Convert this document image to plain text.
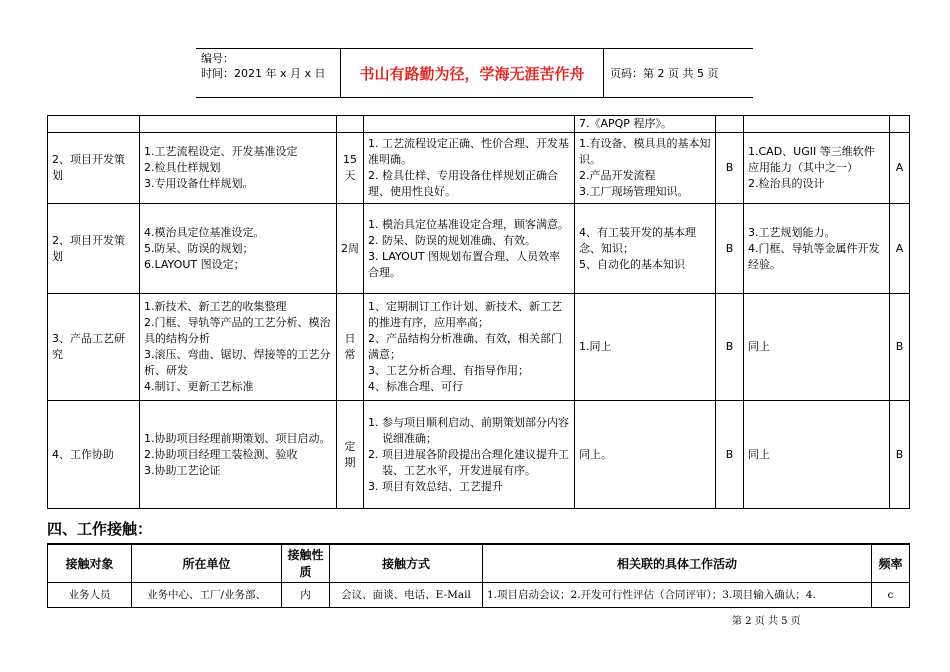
编号：
时间：2021 年 x 月 x 日	书山有路勤为径，学海无涯苦作舟	页码：第 2 页 共 5 页
				7.《APQP 程序》。			
2、项目开发策划	1.工艺流程设定、开发基准设定
2.检具仕样规划
3.专用设备仕样规划。	15天	1. 工艺流程设定正确、性价合理、开发基准明确。
2. 检具仕样、专用设备仕样规划正确合理、使用性良好。	1.有设备、模具具的基本知识。
2.产品开发流程
3.工厂现场管理知识。	B	1.CAD、UGII 等三维软件应用能力（其中之一）
2.检治具的设计	A
2、项目开发策划	4.模治具定位基准设定。
5.防呆、防误的规划；
6.LAYOUT 图设定；	2周	1. 模治具定位基准设定合理，顾客满意。
2. 防呆、防误的规划准确、有效。
3. LAYOUT 图规划布置合理、人员效率合理。	4、有工装开发的基本理念、知识；
5、自动化的基本知识	B	3.工艺规划能力。
4.门框、导轨等金属件开发经验。	A
3、产品工艺研究	1.新技术、新工艺的收集整理
2.门框、导轨等产品的工艺分析、模治具的结构分析
3.滚压、弯曲、锯切、焊接等的工艺分析、研发
4.制订、更新工艺标准	日常	1、定期制订工作计划、新技术、新工艺的推进有序，应用率高；
2、产品结构分析准确、有效，相关部门满意；
3、工艺分析合理、有指导作用；
4、标准合理、可行	1.同上	B	同上	B
4、工作协助	1.协助项目经理前期策划、项目启动。
2.协助项目经理工装检测、验收
3.协助工艺论证	定期	1. 参与项目顺利启动、前期策划部分内容说细准确；
2. 项目进展各阶段提出合理化建议提升工装、工艺水平，开发进展有序。
3. 项目有效总结、工艺提升	同上。	B	同上	B
四、工作接触：
接触对象	所在单位	接触性质	接触方式	相关联的具体工作活动	频率
业务人员	业务中心、工厂/业务部、	内	会议、面谈、电话、E-Mail	1.项目启动会议；2.开发可行性评估（合同评审）；3.项目输入确认；4.	c
第 2 页 共 5 页
